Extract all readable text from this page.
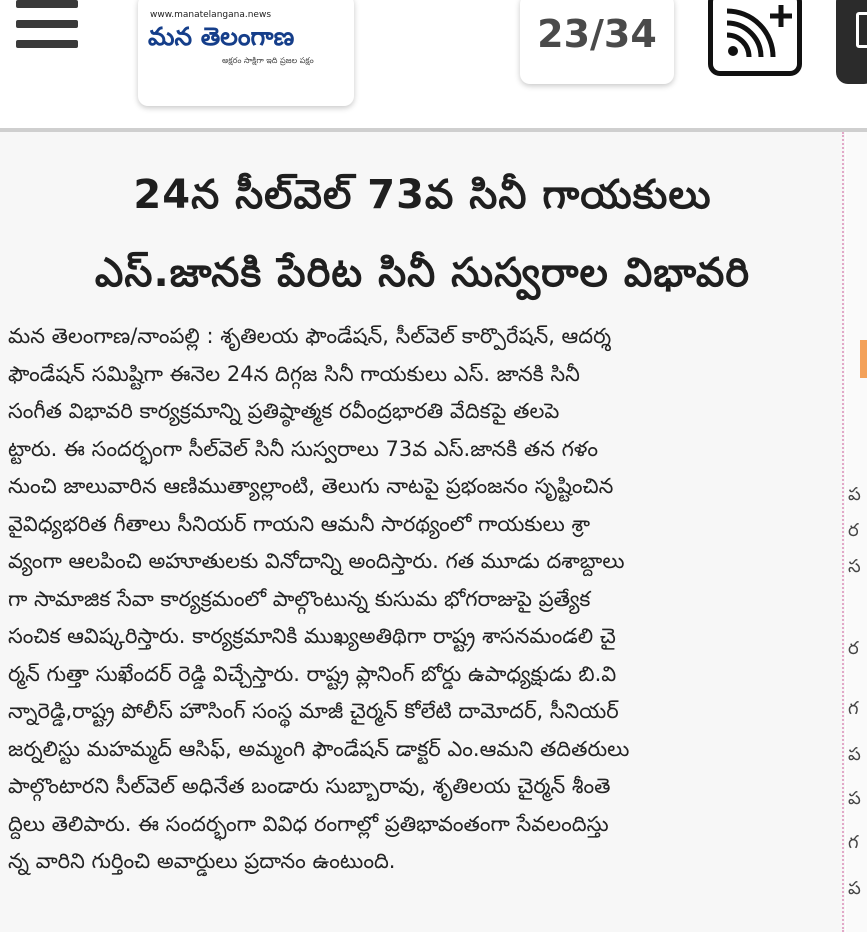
www.manatelangana.news
మన తెలంగాణ
అక్షరం సాక్షిగా ఇది ప్రజల పక్షం
23/34
24న సీల్‌వెల్ 73వ సినీ గాయకులు
ఎస్.జానకి పేరిట సినీ సుస్వరాల విభావరి
మన తెలంగాణ/నాంపల్లి : శృతిలయ ఫౌండేషన్, సీల్‌వెల్ కార్పొరేషన్, ఆదర్శ
ఫౌండేషన్ సమిష్టిగా ఈనెల 24న దిగ్గజ సినీ గాయకులు ఎస్. జానకి సినీ
సంగీత విభావరి కార్యక్రమాన్ని ప్రతిష్ఠాత్మక రవీంద్రభారతి వేదికపై తలపె
ట్టారు. ఈ సందర్భంగా సీల్‌వెల్ సినీ సుస్వరాలు 73వ ఎస్.జానకి తన గళం
నుంచి జాలువారిన ఆణిముత్యాల్లాంటి, తెలుగు నాటపై ప్రభంజనం సృష్టించిన
వైవిధ్యభరిత గీతాలు సీనియర్ గాయని ఆమనీ సారథ్యంలో గాయకులు శ్రా
వ్యంగా ఆలపించి అహూతులకు వినోదాన్ని అందిస్తారు. గత మూడు దశాబ్దాలు
గా సామాజిక సేవా కార్యక్రమంలో పాల్గొంటున్న కుసుమ భోగరాజుపై ప్రత్యేక
సంచిక ఆవిష్కరిస్తారు. కార్యక్రమానికి ముఖ్యఅతిథిగా రాష్ట్ర శాసనమండలి చై
ర్మన్ గుత్తా సుఖేందర్ రెడ్డి విచ్చేస్తారు. రాష్ట్ర ప్లానింగ్ బోర్డు ఉపాధ్యక్షుడు బి.వి
న్నారెడ్డి,రాష్ట్ర పోలీస్ హౌసింగ్ సంస్థ మాజీ చైర్మన్ కోలేటి దామోదర్, సీనియర్
జర్నలిస్టు మహమ్మద్ ఆసిఫ్, అమ్మంగి ఫౌండేషన్ డాక్టర్ ఎం.ఆమని తదితరులు
పాల్గొంటారని సీల్‌వెల్ అధినేత బండారు సుబ్బారావు, శృతిలయ చైర్మన్ శీంతె
ద్దిలు తెలిపారు. ఈ సందర్భంగా వివిధ రంగాల్లో ప్రతిభావంతంగా సేవలందిస్తు
న్న వారిని గుర్తించి అవార్డులు ప్రదానం ఉంటుంది.
ప
ర
స
ర
గ
ప
ప
గ
ప
